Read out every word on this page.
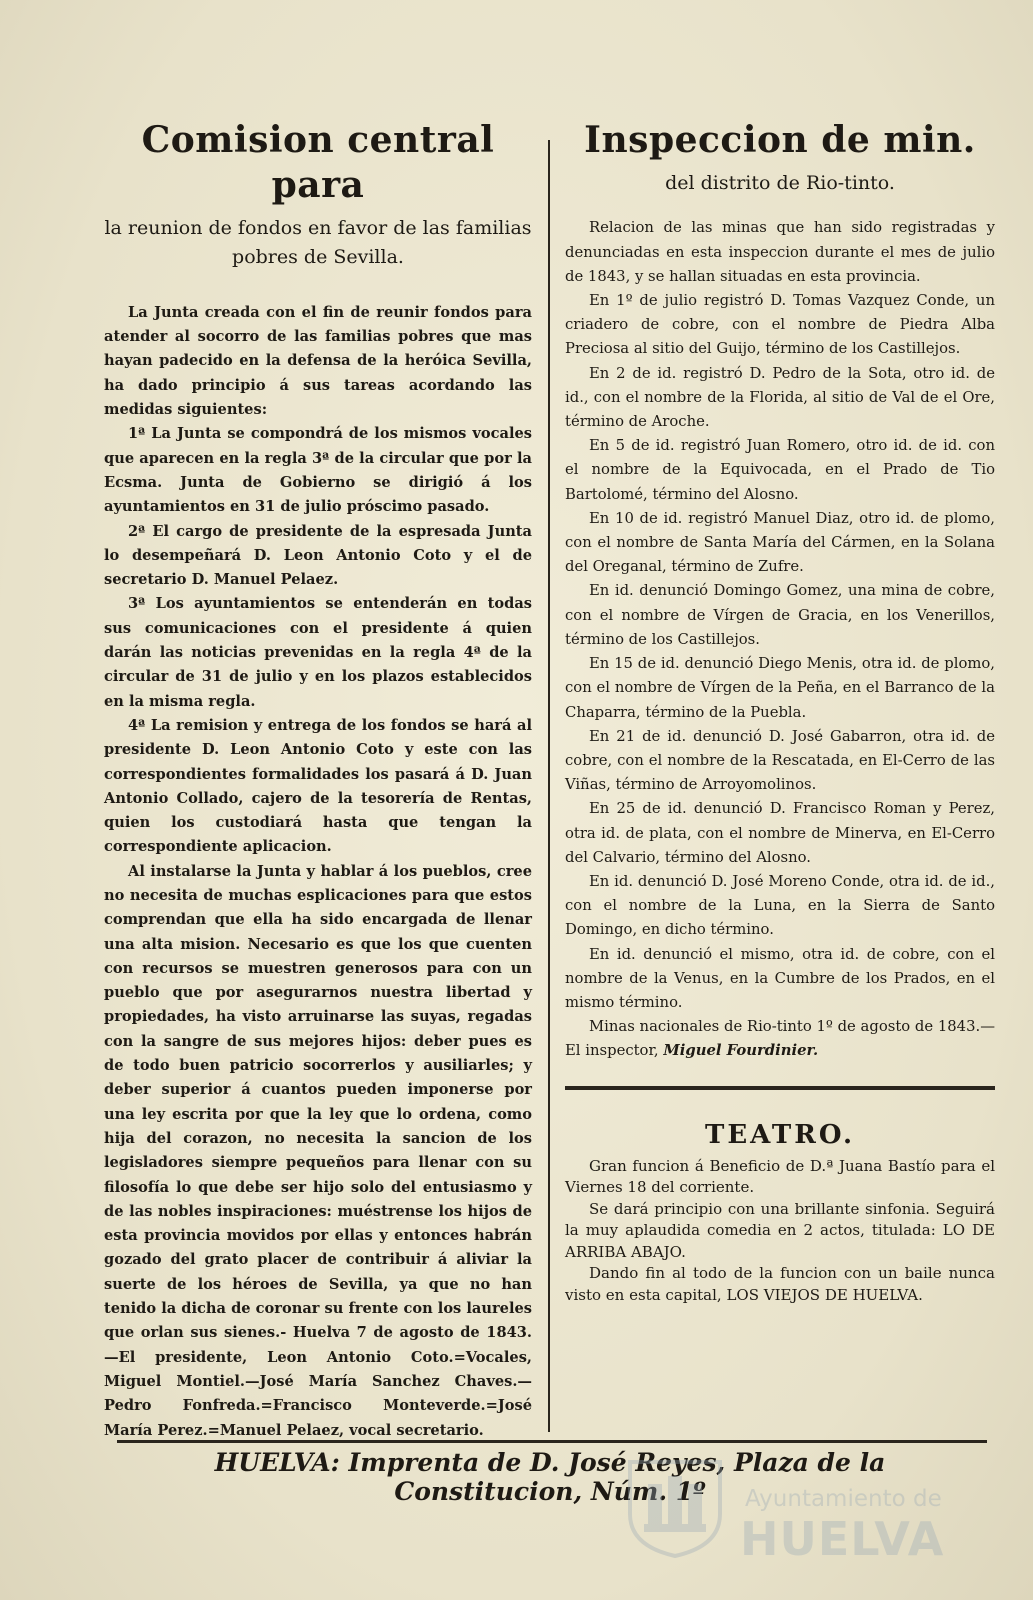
Comision central para
la reunion de fondos en favor de las familias pobres de Sevilla.

La Junta creada con el fin de reunir fondos para atender al socorro de las familias pobres que mas hayan padecido en la defensa de la heróica Sevilla, ha dado principio á sus tareas acordando las medidas siguientes:

1ª La Junta se compondrá de los mismos vocales que aparecen en la regla 3ª de la circular que por la Ecsma. Junta de Gobierno se dirigió á los ayuntamientos en 31 de julio próscimo pasado.

2ª El cargo de presidente de la espresada Junta lo desempeñará D. Leon Antonio Coto y el de secretario D. Manuel Pelaez.

3ª Los ayuntamientos se entenderán en todas sus comunicaciones con el presidente á quien darán las noticias prevenidas en la regla 4ª de la circular de 31 de julio y en los plazos establecidos en la misma regla.

4ª La remision y entrega de los fondos se hará al presidente D. Leon Antonio Coto y este con las correspondientes formalidades los pasará á D. Juan Antonio Collado, cajero de la tesorería de Rentas, quien los custodiará hasta que tengan la correspondiente aplicacion.

Al instalarse la Junta y hablar á los pueblos, cree no necesita de muchas esplicaciones para que estos comprendan que ella ha sido encargada de llenar una alta mision. Necesario es que los que cuenten con recursos se muestren generosos para con un pueblo que por asegurarnos nuestra libertad y propiedades, ha visto arruinarse las suyas, regadas con la sangre de sus mejores hijos: deber pues es de todo buen patricio socorrerlos y ausiliarles; y deber superior á cuantos pueden imponerse por una ley escrita por que la ley que lo ordena, como hija del corazon, no necesita la sancion de los legisladores siempre pequeños para llenar con su filosofía lo que debe ser hijo solo del entusiasmo y de las nobles inspiraciones: muéstrense los hijos de esta provincia movidos por ellas y entonces habrán gozado del grato placer de contribuir á aliviar la suerte de los héroes de Sevilla, ya que no han tenido la dicha de coronar su frente con los laureles que orlan sus sienes.- Huelva 7 de agosto de 1843.—El presidente, Leon Antonio Coto.=Vocales, Miguel Montiel.—José María Sanchez Chaves.—Pedro Fonfreda.=Francisco Monteverde.=José María Perez.=Manuel Pelaez, vocal secretario.

Inspeccion de min.
del distrito de Rio-tinto.

Relacion de las minas que han sido registradas y denunciadas en esta inspeccion durante el mes de julio de 1843, y se hallan situadas en esta provincia.

En 1º de julio registró D. Tomas Vazquez Conde, un criadero de cobre, con el nombre de Piedra Alba Preciosa al sitio del Guijo, término de los Castillejos.

En 2 de id. registró D. Pedro de la Sota, otro id. de id., con el nombre de la Florida, al sitio de Val de el Ore, término de Aroche.

En 5 de id. registró Juan Romero, otro id. de id. con el nombre de la Equivocada, en el Prado de Tio Bartolomé, término del Alosno.

En 10 de id. registró Manuel Diaz, otro id. de plomo, con el nombre de Santa María del Cármen, en la Solana del Oreganal, término de Zufre.

En id. denunció Domingo Gomez, una mina de cobre, con el nombre de Vírgen de Gracia, en los Venerillos, término de los Castillejos.

En 15 de id. denunció Diego Menis, otra id. de plomo, con el nombre de Vírgen de la Peña, en el Barranco de la Chaparra, término de la Puebla.

En 21 de id. denunció D. José Gabarron, otra id. de cobre, con el nombre de la Rescatada, en El-Cerro de las Viñas, término de Arroyomolinos.

En 25 de id. denunció D. Francisco Roman y Perez, otra id. de plata, con el nombre de Minerva, en El-Cerro del Calvario, término del Alosno.

En id. denunció D. José Moreno Conde, otra id. de id., con el nombre de la Luna, en la Sierra de Santo Domingo, en dicho término.

En id. denunció el mismo, otra id. de cobre, con el nombre de la Venus, en la Cumbre de los Prados, en el mismo término.

Minas nacionales de Rio-tinto 1º de agosto de 1843.—El inspector, Miguel Fourdinier.

TEATRO.

Gran funcion á Beneficio de D.ª Juana Bastío para el Viernes 18 del corriente.

Se dará principio con una brillante sinfonia. Seguirá la muy aplaudida comedia en 2 actos, titulada: LO DE ARRIBA ABAJO.

Dando fin al todo de la funcion con un baile nunca visto en esta capital, LOS VIEJOS DE HUELVA.

HUELVA: Imprenta de D. José Reyes, Plaza de la Constitucion, Núm. 1º	Ayuntamiento de
HUELVA
